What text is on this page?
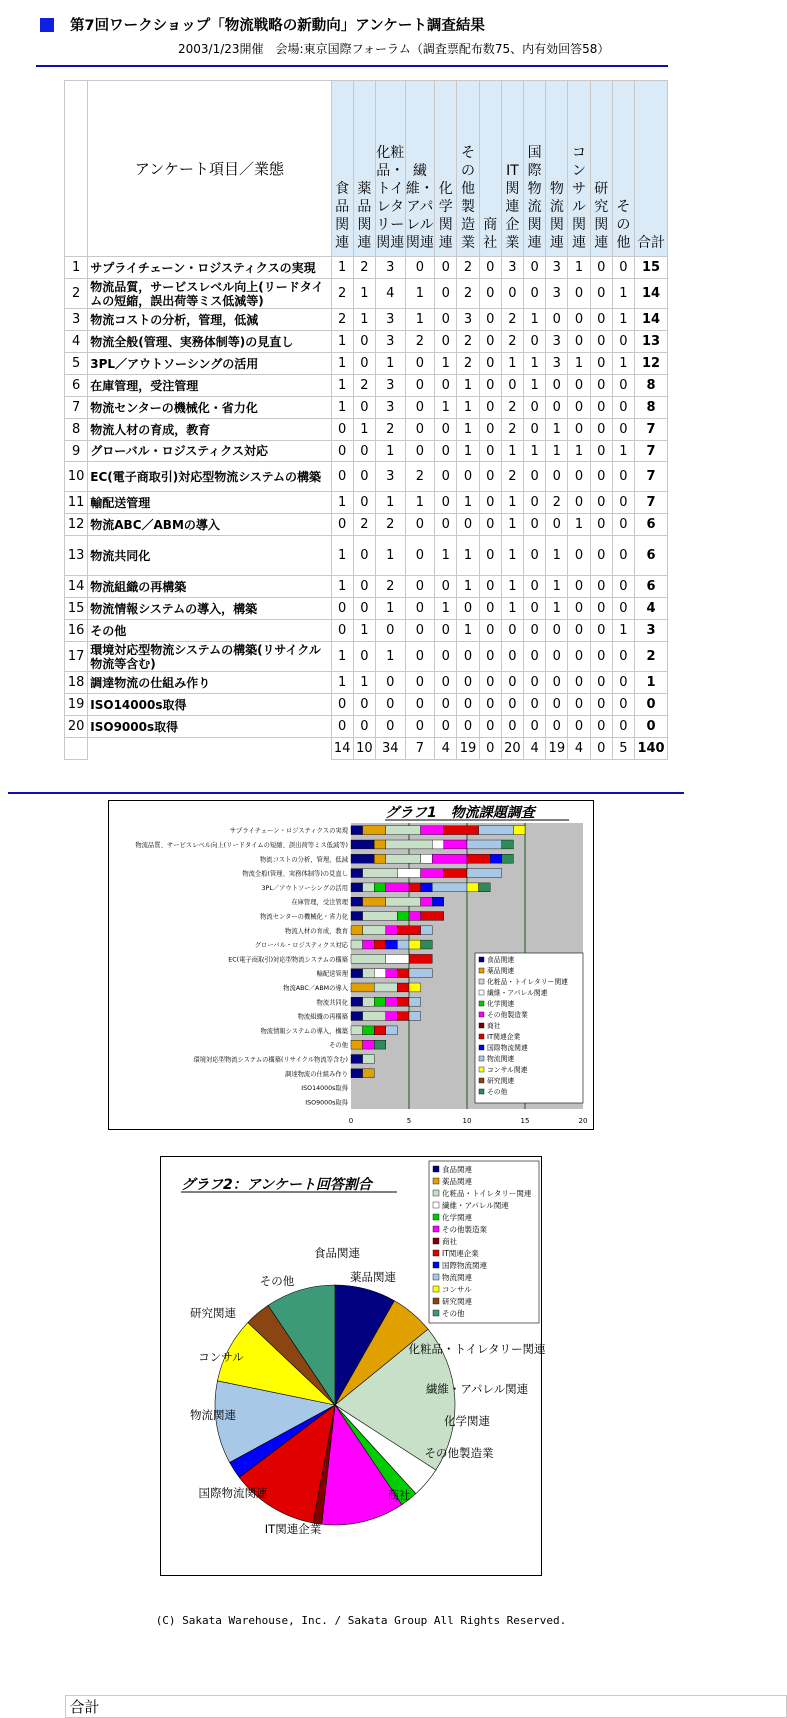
第7回ワークショップ「物流戦略の新動向」アンケート調査結果
2003/1/23開催　会場:東京国際フォーラム（調査票配布数75、内有効回答58）
	アンケート項目／業態	食品関連	薬品関連	化粧品・トイレタリー関連	繊維・アパレル関連	化学関連	その他製造業	商社	IT関連企業	国際物流関連	物流関連	コンサル関連	研究関連	その他	合計
1	サプライチェーン・ロジスティクスの実現	1	2	3	0	0	2	0	3	0	3	1	0	0	15
2	物流品質，サービスレベル向上(リードタイムの短縮，誤出荷等ミス低減等)	2	1	4	1	0	2	0	0	0	3	0	0	1	14
3	物流コストの分析，管理，低減	2	1	3	1	0	3	0	2	1	0	0	0	1	14
4	物流全般(管理、実務体制等)の見直し	1	0	3	2	0	2	0	2	0	3	0	0	0	13
5	3PL／アウトソーシングの活用	1	0	1	0	1	2	0	1	1	3	1	0	1	12
6	在庫管理，受注管理	1	2	3	0	0	1	0	0	1	0	0	0	0	8
7	物流センターの機械化・省力化	1	0	3	0	1	1	0	2	0	0	0	0	0	8
8	物流人材の育成，教育	0	1	2	0	0	1	0	2	0	1	0	0	0	7
9	グローバル・ロジスティクス対応	0	0	1	0	0	1	0	1	1	1	1	0	1	7
10	EC(電子商取引)対応型物流システムの構築	0	0	3	2	0	0	0	2	0	0	0	0	0	7
11	輸配送管理	1	0	1	1	0	1	0	1	0	2	0	0	0	7
12	物流ABC／ABMの導入	0	2	2	0	0	0	0	1	0	0	1	0	0	6
13	物流共同化	1	0	1	0	1	1	0	1	0	1	0	0	0	6
14	物流組織の再構築	1	0	2	0	0	1	0	1	0	1	0	0	0	6
15	物流情報システムの導入，構築	0	0	1	0	1	0	0	1	0	1	0	0	0	4
16	その他	0	1	0	0	0	1	0	0	0	0	0	0	1	3
17	環境対応型物流システムの構築(リサイクル物流等含む)	1	0	1	0	0	0	0	0	0	0	0	0	0	2
18	調達物流の仕組み作り	1	1	0	0	0	0	0	0	0	0	0	0	0	1
19	ISO14000s取得	0	0	0	0	0	0	0	0	0	0	0	0	0	0
20	ISO9000s取得	0	0	0	0	0	0	0	0	0	0	0	0	0	0

合計
14	10	34	7	4	19	0	20	4	19	4	0	5	140
グラフ1　物流課題調査
0	5	10	15	20
サプライチェーン・ロジスティクスの実現
物流品質、サービスレベル向上(リードタイムの短縮、誤出荷等ミス低減等)
物流コストの分析，管理，低減
物流全般(管理、実務体制等)の見直し
3PL／アウトソーシングの活用
在庫管理，受注管理
物流センターの機械化・省力化
物流人材の育成，教育
グローバル・ロジスティクス対応
EC(電子商取引)対応型物流システムの構築
輸配送管理
物流ABC／ABMの導入
物流共同化
物流組織の再構築
物流情報システムの導入，構築
その他
環境対応型物流システムの構築(リサイクル物流等含む)
調達物流の仕組み作り
ISO14000s取得
ISO9000s取得
食品関連
薬品関連
化粧品・トイレタリー関連
繊維・アパレル関連
化学関連
その他製造業
商社
IT関連企業
国際物流関連
物流関連
コンサル関連
研究関連
その他
グラフ2：アンケート回答割合
食品関連
薬品関連
化粧品・トイレタリー関連
繊維・アパレル関連
化学関連
その他製造業
商社
IT関連企業
国際物流関連
物流関連
コンサル
研究関連
その他
食品関連
薬品関連
化粧品・トイレタリー関連
繊維・アパレル関連
化学関連
その他製造業
商社
IT関連企業
国際物流関連
物流関連
コンサル
研究関連
その他
(C) Sakata Warehouse, Inc. / Sakata Group All Rights Reserved.
